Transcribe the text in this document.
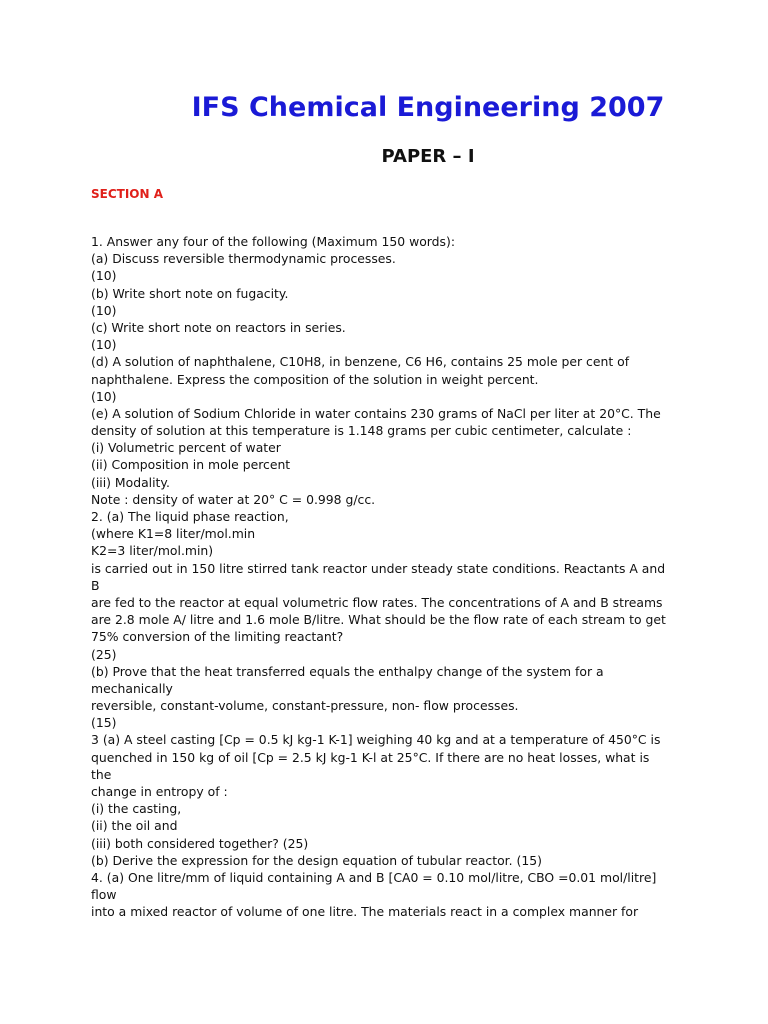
IFS Chemical Engineering 2007
PAPER – I
SECTION A
1. Answer any four of the following (Maximum 150 words):
(a) Discuss reversible thermodynamic processes.
(10)
(b) Write short note on fugacity.
(10)
(c) Write short note on reactors in series.
(10)
(d) A solution of naphthalene, C10H8, in benzene, C6 H6, contains 25 mole per cent of
naphthalene. Express the composition of the solution in weight percent.
(10)
(e) A solution of Sodium Chloride in water contains 230 grams of NaCl per liter at 20°C. The
density of solution at this temperature is 1.148 grams per cubic centimeter, calculate :
(i) Volumetric percent of water
(ii) Composition in mole percent
(iii) Modality.
Note : density of water at 20° C = 0.998 g/cc.
2. (a) The liquid phase reaction,
(where K1=8 liter/mol.min
K2=3 liter/mol.min)
is carried out in 150 litre stirred tank reactor under steady state conditions. Reactants A and
B
are fed to the reactor at equal volumetric flow rates. The concentrations of A and B streams
are 2.8 mole A/ litre and 1.6 mole B/litre. What should be the flow rate of each stream to get
75% conversion of the limiting reactant?
(25)
(b) Prove that the heat transferred equals the enthalpy change of the system for a
mechanically
reversible, constant-volume, constant-pressure, non- flow processes.
(15)
3 (a) A steel casting [Cp = 0.5 kJ kg-1 K-1] weighing 40 kg and at a temperature of 450°C is
quenched in 150 kg of oil [Cp = 2.5 kJ kg-1 K-l at 25°C. If there are no heat losses, what is
the
change in entropy of :
(i) the casting,
(ii) the oil and
(iii) both considered together? (25)
(b) Derive the expression for the design equation of tubular reactor. (15)
4. (a) One litre/mm of liquid containing A and B [CA0 = 0.10 mol/litre, CBO =0.01 mol/litre]
flow
into a mixed reactor of volume of one litre. The materials react in a complex manner for
